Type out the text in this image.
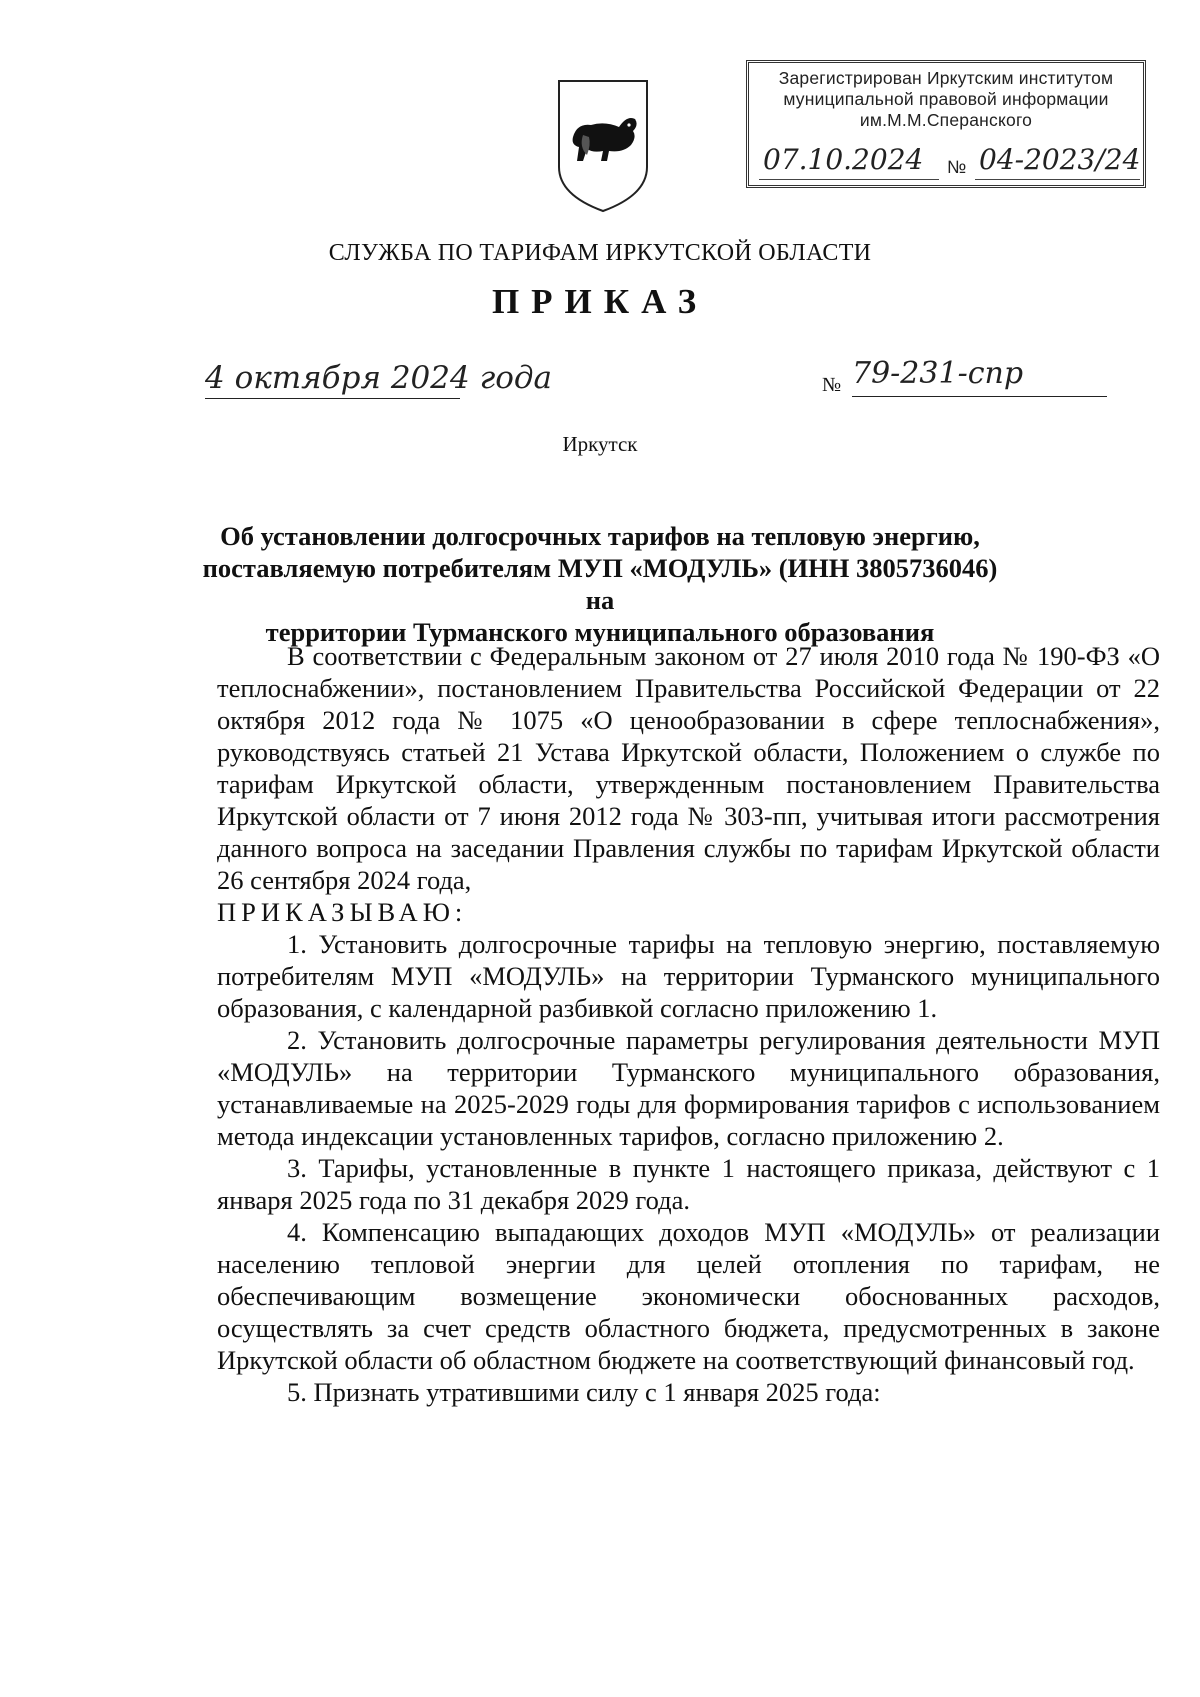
Зарегистрирован Иркутским институтом
муниципальной правовой информации
им.М.М.Сперанского
07.10.2024 № 04-2023/24
СЛУЖБА ПО ТАРИФАМ ИРКУТСКОЙ ОБЛАСТИ
ПРИКАЗ
4 октября 2024 года	№ 79-231-спр
Иркутск
Об установлении долгосрочных тарифов на тепловую энергию,
поставляемую потребителям МУП «МОДУЛЬ» (ИНН 3805736046) на
территории Турманского муниципального образования

В соответствии с Федеральным законом от 27 июля 2010 года № 190-ФЗ «О теплоснабжении», постановлением Правительства Российской Федерации от 22 октября 2012 года № 1075 «О ценообразовании в сфере теплоснабжения», руководствуясь статьей 21 Устава Иркутской области, Положением о службе по тарифам Иркутской области, утвержденным постановлением Правительства Иркутской области от 7 июня 2012 года № 303-пп, учитывая итоги рассмотрения данного вопроса на заседании Правления службы по тарифам Иркутской области 26 сентября 2024 года,

ПРИКАЗЫВАЮ:

1. Установить долгосрочные тарифы на тепловую энергию, поставляемую потребителям МУП «МОДУЛЬ» на территории Турманского муниципального образования, с календарной разбивкой согласно приложению 1.

2. Установить долгосрочные параметры регулирования деятельности МУП «МОДУЛЬ» на территории Турманского муниципального образования, устанавливаемые на 2025-2029 годы для формирования тарифов с использованием метода индексации установленных тарифов, согласно приложению 2.

3. Тарифы, установленные в пункте 1 настоящего приказа, действуют с 1 января 2025 года по 31 декабря 2029 года.

4. Компенсацию выпадающих доходов МУП «МОДУЛЬ» от реализации населению тепловой энергии для целей отопления по тарифам, не обеспечивающим возмещение экономически обоснованных расходов, осуществлять за счет средств областного бюджета, предусмотренных в законе Иркутской области об областном бюджете на соответствующий финансовый год.

5. Признать утратившими силу с 1 января 2025 года:
